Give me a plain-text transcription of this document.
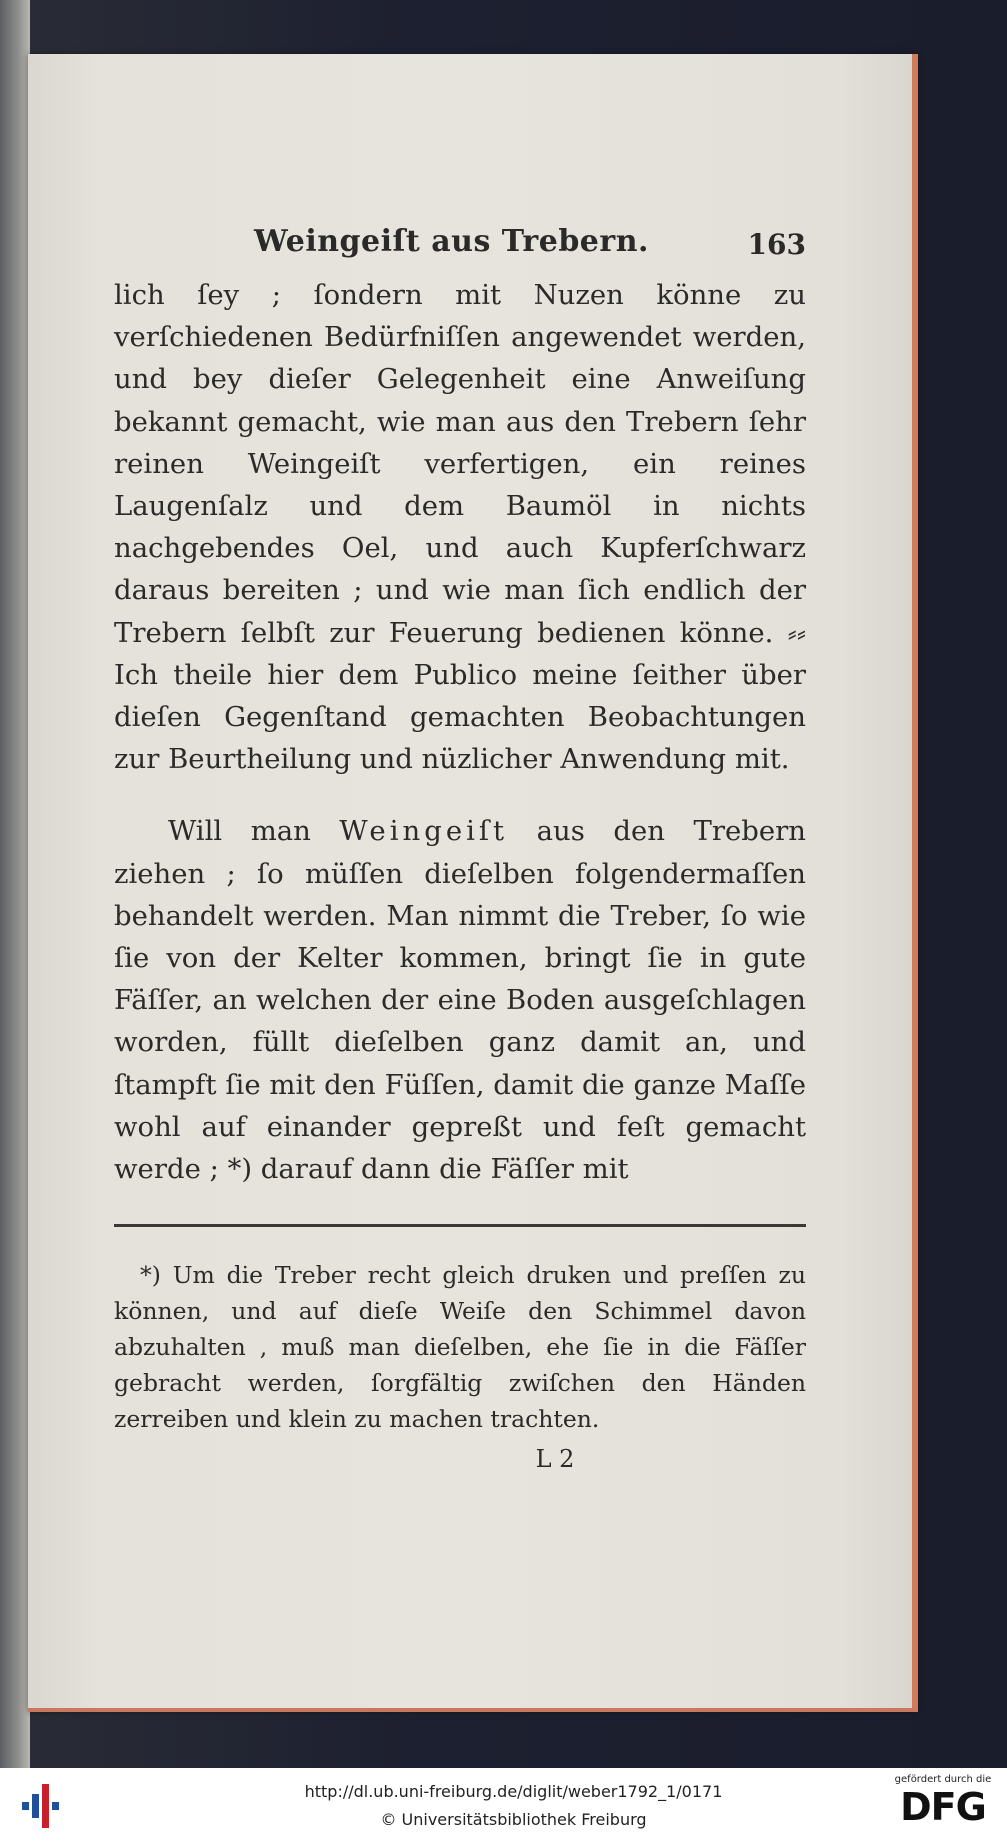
Weingeiſt aus Trebern.	163

lich ſey ; ſondern mit Nuzen könne zu verſchiedenen Bedürfniſſen angewendet werden, und bey dieſer Gelegenheit eine Anweiſung bekannt gemacht, wie man aus den Trebern ſehr reinen Weingeiſt verfertigen, ein reines Laugenſalz und dem Baumöl in nichts nachgebendes Oel, und auch Kupferſchwarz daraus bereiten ; und wie man ſich endlich der Trebern ſelbſt zur Feuerung bedienen könne. ⸗⸗ Ich theile hier dem Publico meine ſeither über dieſen Gegenſtand gemachten Beobachtungen zur Beurtheilung und nüzlicher Anwendung mit.

Will man Weingeiſt aus den Trebern ziehen ; ſo müſſen dieſelben folgendermaſſen behandelt werden. Man nimmt die Treber, ſo wie ſie von der Kelter kommen, bringt ſie in gute Fäſſer, an welchen der eine Boden ausgeſchlagen worden, füllt dieſelben ganz damit an, und ſtampft ſie mit den Füſſen, damit die ganze Maſſe wohl auf einander gepreßt und feſt gemacht werde ; *) darauf dann die Fäſſer mit

*) Um die Treber recht gleich druken und preſſen zu können, und auf dieſe Weiſe den Schimmel davon abzuhalten , muß man dieſelben, ehe ſie in die Fäſſer gebracht werden, ſorgfältig zwiſchen den Händen zerreiben und klein zu machen trachten.

L 2
http://dl.ub.uni-freiburg.de/diglit/weber1792_1/0171
© Universitätsbibliothek Freiburg
gefördert durch die
DFG
